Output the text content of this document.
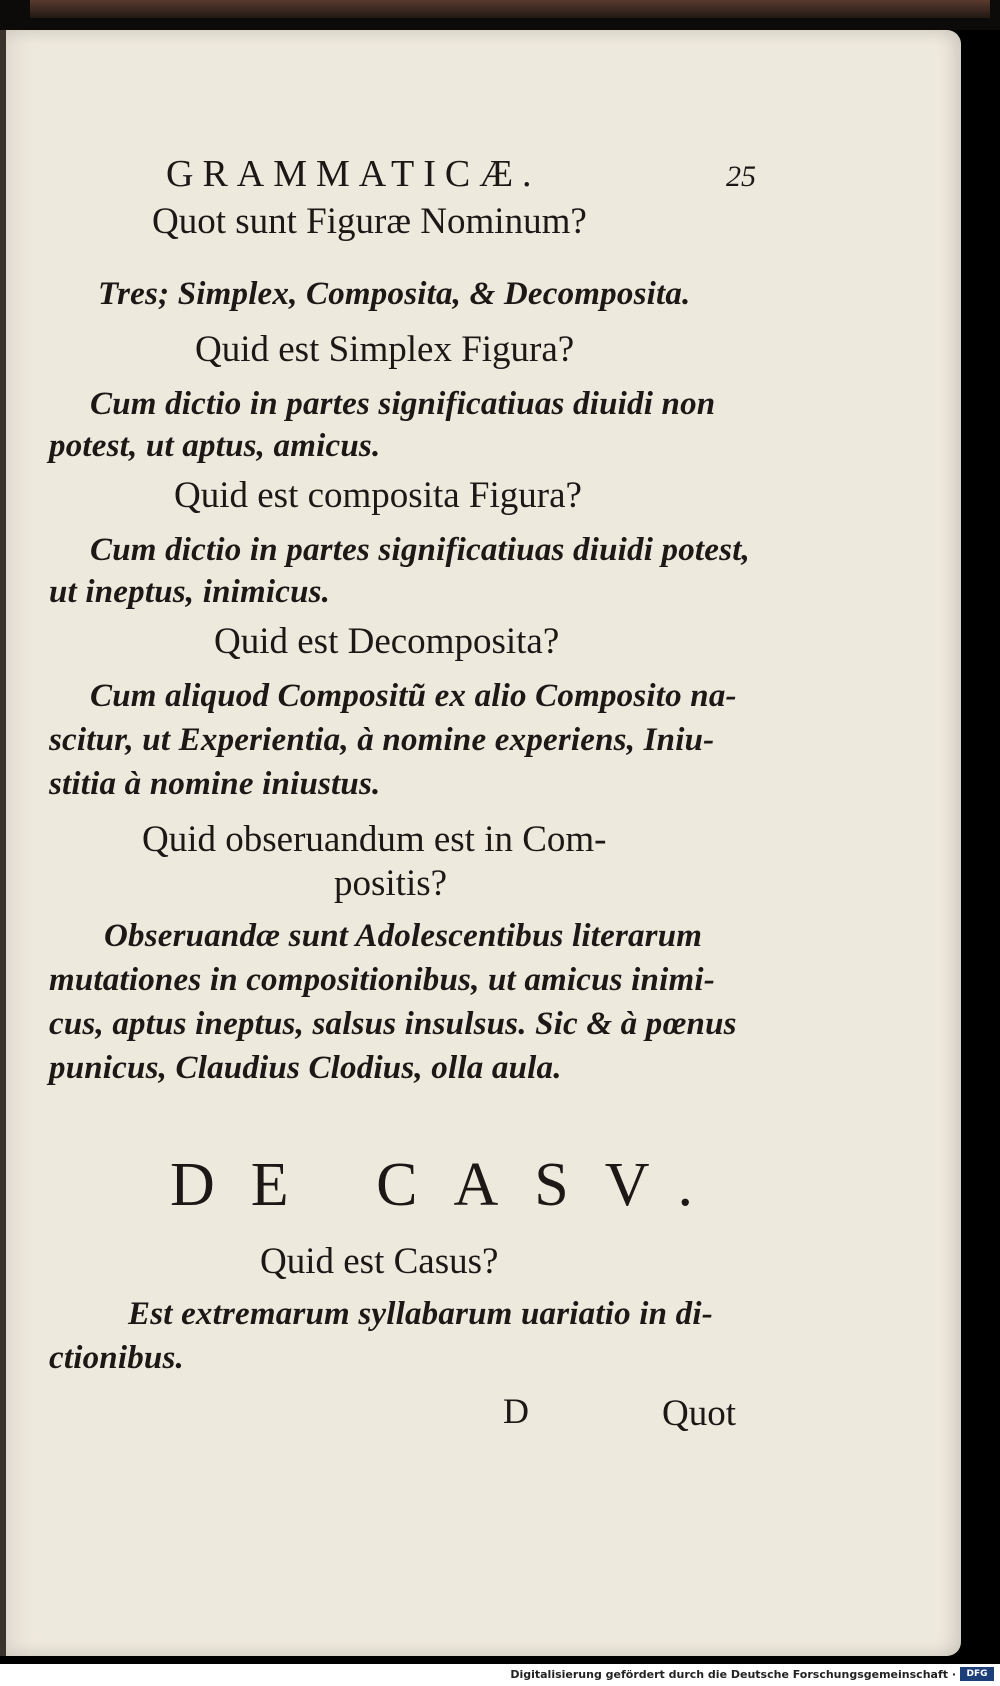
GRAMMATICÆ.	25
Quot sunt Figuræ Nominum?
Tres; Simplex, Composita, & Decomposita.
Quid est Simplex Figura?
Cum dictio in partes significatiuas diuidi non
potest, ut aptus, amicus.
Quid est composita Figura?
Cum dictio in partes significatiuas diuidi potest,
ut ineptus, inimicus.
Quid est Decomposita?
Cum aliquod Compositũ ex alio Composito na-
scitur, ut Experientia, à nomine experiens, Iniu-
stitia à nomine iniustus.
Quid obseruandum est in Com-
positis?
Obseruandæ sunt Adolescentibus literarum
mutationes in compositionibus, ut amicus inimi-
cus, aptus ineptus, salsus insulsus. Sic & à pœnus
punicus, Claudius Clodius, olla aula.
DE CASV.
Quid est Casus?
Est extremarum syllabarum uariatio in di-
ctionibus.
D	Quot
Digitalisierung gefördert durch die Deutsche Forschungsgemeinschaft ·	DFG
